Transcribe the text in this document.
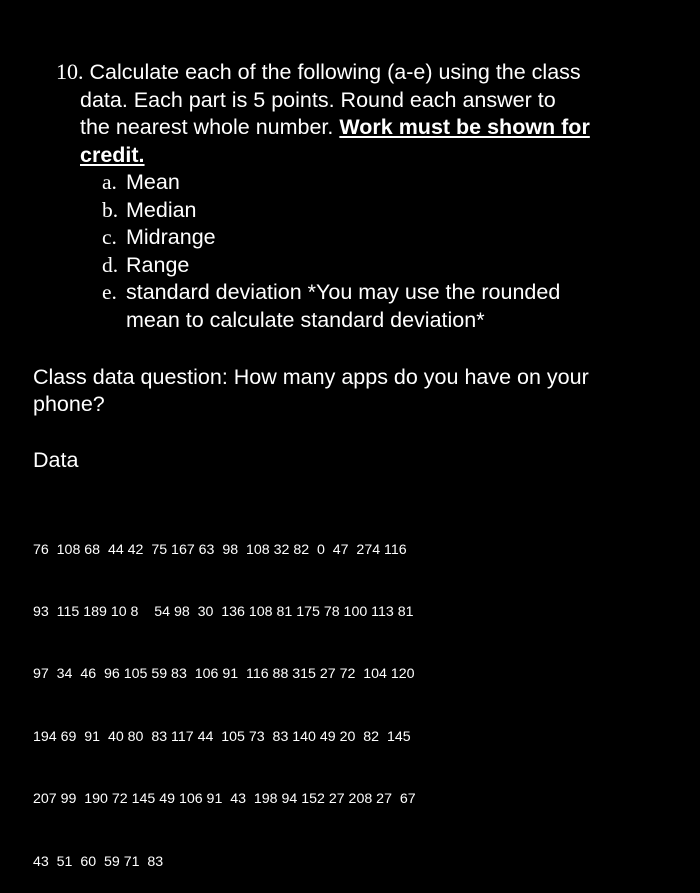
10. Calculate each of the following (a-e) using the class
data. Each part is 5 points. Round each answer to
the nearest whole number. Work must be shown for
credit.
a. Mean
b. Median
c. Midrange
d. Range
e. standard deviation *You may use the rounded
mean to calculate standard deviation*
Class data question: How many apps do you have on your
phone?
Data

76  108 68  44 42  75 167 63  98  108 32 82  0  47  274 116

93  115 189 10 8    54 98  30  136 108 81 175 78 100 113 81

97  34  46  96 105 59 83  106 91  116 88 315 27 72  104 120

194 69  91  40 80  83 117 44  105 73  83 140 49 20  82  145

207 99  190 72 145 49 106 91  43  198 94 152 27 208 27  67

43  51  60  59 71  83
